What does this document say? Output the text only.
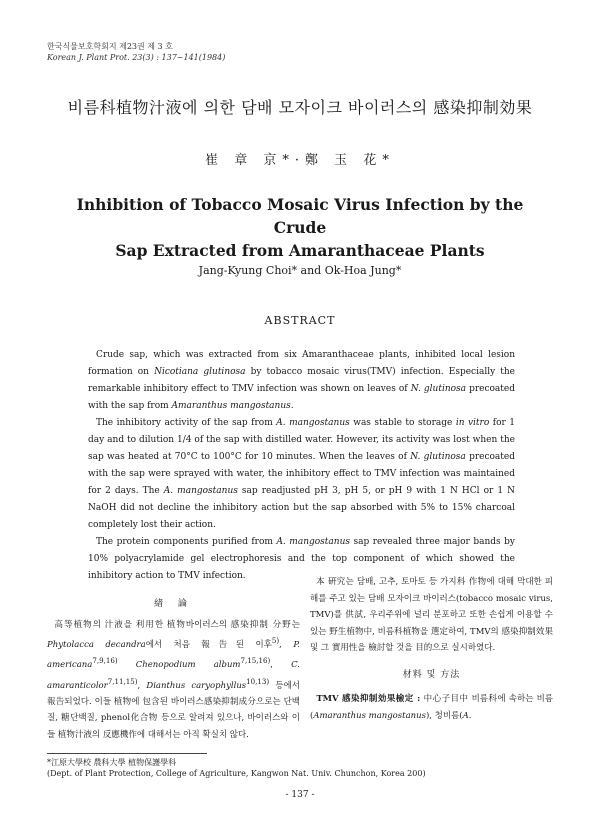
한국식물보호학회지 제23권 제 3 호
Korean J. Plant Prot. 23(3) : 137~141(1984)
비름科植物汁液에 의한 담배 모자이크 바이러스의 感染抑制効果
崔 章 京*·鄭 玉 花*
Inhibition of Tobacco Mosaic Virus Infection by the Crude
Sap Extracted from Amaranthaceae Plants
Jang-Kyung Choi* and Ok-Hoa Jung*
ABSTRACT

Crude sap, which was extracted from six Amaranthaceae plants, inhibited local lesion formation on Nicotiana glutinosa by tobacco mosaic virus(TMV) infection. Especially the remarkable inhibitory effect to TMV infection was shown on leaves of N. glutinosa precoated with the sap from Amaranthus mangostanus.

The inhibitory activity of the sap from A. mangostanus was stable to storage in vitro for 1 day and to dilution 1/4 of the sap with distilled water. However, its activity was lost when the sap was heated at 70°C to 100°C for 10 minutes. When the leaves of N. glutinosa precoated with the sap were sprayed with water, the inhibitory effect to TMV infection was maintained for 2 days. The A. mangostanus sap readjusted pH 3, pH 5, or pH 9 with 1 N HCl or 1 N NaOH did not decline the inhibitory action but the sap absorbed with 5% to 15% charcoal completely lost their action.

The protein components purified from A. mangostanus sap revealed three major bands by 10% polyacrylamide gel electrophoresis and the top component of which showed the inhibitory action to TMV infection.

緖 論

高等植物의 汁液을 利用한 植物바이러스의 感染抑制 分野는 Phytolacca decandra에서 처음 報告된 이후$^{5)}$, P. americana$^{7,9,16)}$ Chenopodium album$^{7,15,16)}$, C. amaranticolor$^{7,11,15)}$, Dianthus caryophyllus$^{10,13)}$ 등에서 報告되었다. 이들 植物에 包含된 바이러스感染抑制成分으로는 단백질, 糖단백질, phenol化合物 등으로 알려져 있으나, 바이러스와 이들 植物汁液의 反應機作에 대해서는 아직 확실치 않다.

本 硏究는 담배, 고추, 토마토 등 가지科 作物에 대해 막대한 피해를 주고 있는 담배 모자이크 바이러스(tobacco mosaic virus, TMV)를 供試, 우리주위에 널리 분포하고 또한 손쉽게 이용할 수 있는 野生植物中, 비름科植物을 選定하여, TMV의 感染抑制效果및 그 實用性을 檢討할 것을 目的으로 실시하였다.

材料 및 方法

TMV 感染抑制効果檢定 : 中心子目中 비름科에 속하는 비름(Amaranthus mangostanus), 청비름(A.

*江原大學校 農科大學 植物保護學科
(Dept. of Plant Protection, College of Agriculture, Kangwon Nat. Univ. Chunchon, Korea 200)
- 137 -
